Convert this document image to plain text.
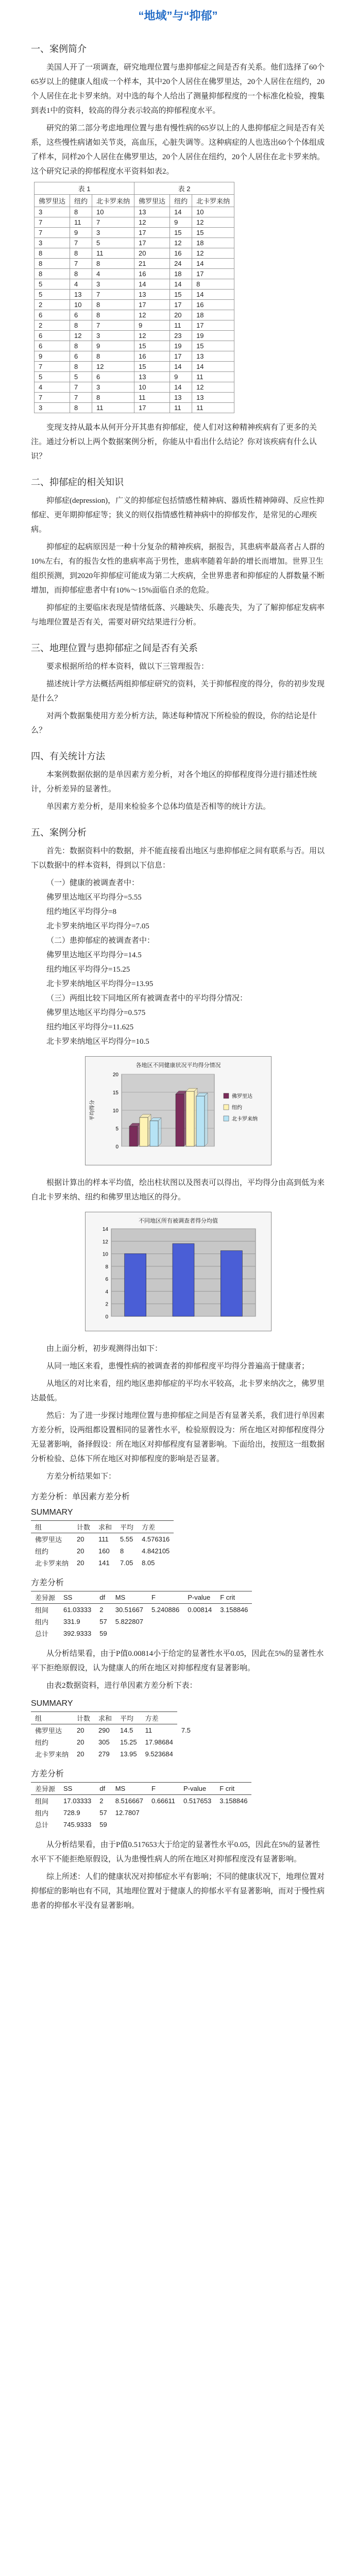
“地域”与“抑郁”
一、案例简介

美国人开了一项调查，研究地理位置与患抑郁症之间是否有关系。他们选择了60个65岁以上的健康人组成一个样本，其中20个人居住在佛罗里达，20个人居住在纽约，20个人居住在北卡罗来纳。对中选的每个人给出了测量抑郁程度的一个标准化检验，搜集到表1中的资料，较高的得分表示较高的抑郁程度水平。

研究的第二部分考虑地理位置与患有慢性病的65岁以上的人患抑郁症之间是否有关系，这些慢性病诸如关节炎，高血压，心脏失调等。这种病症的人也选出60个个体组成了样本，同样20个人居住在佛罗里达，20个人居住在纽约，20个人居住在北卡罗来纳。这个研究记录的抑郁程度水平资料如表2。

表 1			表 2		
佛罗里达	纽约	北卡罗来纳	佛罗里达	纽约	北卡罗来纳
3	8	10	13	14	10
7	11	7	12	9	12
7	9	3	17	15	15
3	7	5	17	12	18
8	8	11	20	16	12
8	7	8	21	24	14
8	8	4	16	18	17
5	4	3	14	14	8
5	13	7	13	15	14
2	10	8	17	17	16
6	6	8	12	20	18
2	8	7	9	11	17
6	12	3	12	23	19
6	8	9	15	19	15
9	6	8	16	17	13
7	8	12	15	14	14
5	5	6	13	9	11
4	7	3	10	14	12
7	7	8	11	13	13
3	8	11	17	11	11

变现支持从最本从何开分开其患有抑郁症，使人们对这种精神疾病有了更多的关注。通过分析以上两个数据案例分析，你能从中看出什么结论？你对该疾病有什么认识？

二、抑郁症的相关知识

抑郁症(depression)，广义的抑郁症包括情感性精神病、器质性精神障碍、反应性抑郁症、更年期抑郁症等；狭义的则仅指情感性精神病中的抑郁发作，是常见的心理疾病。

抑郁症的起病原因是一种十分复杂的精神疾病，据报告，其患病率最高者占人群的10%左右，有的报告女性的患病率高于男性，患病率随着年龄的增长而增加。世界卫生组织预测，到2020年抑郁症可能成为第二大疾病，全世界患者和抑郁症的人群数量不断增加，而抑郁症患者中有10%～15%面临自杀的危险。

抑郁症的主要临床表现是情绪低落、兴趣缺失、乐趣丧失，为了了解抑郁症发病率与地理位置是否有关，需要对研究结果进行分析。

三、地理位置与患抑郁症之间是否有关系

要求根据所给的样本资料，做以下三管理报告：

描述统计学方法概括两组抑郁症研究的资料，关于抑郁程度的得分，你的初步发现是什么？

对两个数据集使用方差分析方法，陈述每种情况下所检验的假设，你的结论是什么？

四、有关统计方法

本案例数据依据的是单因素方差分析，对各个地区的抑郁程度得分进行描述性统计，分析差异的显著性。

单因素方差分析，是用来检验多个总体均值是否相等的统计方法。

五、案例分析

首先：数据资料中的数据，并不能直接看出地区与患抑郁症之间有联系与否。用以下以数据中的样本资料，得到以下信息：

（一）健康的被调查者中：

佛罗里达地区平均得分=5.55

纽约地区平均得分=8

北卡罗来纳地区平均得分=7.05

（二）患抑郁症的被调查者中：

佛罗里达地区平均得分=14.5

纽约地区平均得分=15.25

北卡罗来纳地区平均得分=13.95

（三）两组比较下同地区所有被调查者中的平均得分情况：

佛罗里达地区平均得分=0.575

纽约地区平均得分=11.625

北卡罗来纳地区平均得分=10.5

各地区不同健康状况平均得分情况
平均得分
20
15
10
5
0
佛罗里达
纽约
北卡罗来纳

根据计算出的样本平均值，绘出柱状图以及图表可以得出，平均得分由高到低为来自北卡罗来纳、纽约和佛罗里达地区的得分。

不同地区所有被调查者得分均值
14
12
10
8
6
4
2
0

由上面分析，初步观测得出如下：

从同一地区来看，患慢性病的被调查者的抑郁程度平均得分普遍高于健康者；

从地区的对比来看，纽约地区患抑郁症的平均水平较高，北卡罗来纳次之，佛罗里达最低。

然后：为了进一步探讨地理位置与患抑郁症之间是否有显著关系，我们进行单因素方差分析，设两组都设置相同的显著性水平，检验原假设为：所在地区对抑郁程度得分无显著影响，备择假设：所在地区对抑郁程度有显著影响。下面给出，按照这一组数据分析检验、总体下所在地区对抑郁程度的影响是否显著。

方差分析结果如下：

方差分析：单因素方差分析
SUMMARY
组	计数	求和	平均	方差
佛罗里达	20	111	5.55	4.576316
纽约	20	160	8	4.842105
北卡罗来纳	20	141	7.05	8.05
方差分析
差异源	SS	df	MS	F	P-value	F crit
组间	61.03333	2	30.51667	5.240886	0.00814	3.158846
组内	331.9	57	5.822807			
总计	392.9333	59				

从分析结果看，由于P值0.00814小于给定的显著性水平0.05，因此在5%的显著性水平下拒绝原假设，认为健康人的所在地区对抑郁程度有显著影响。

由表2数据资料，进行单因素方差分析下表：

SUMMARY
组	计数	求和	平均	方差	
佛罗里达	20	290	14.5	11	7.5
纽约	20	305	15.25	17.98684	
北卡罗来纳	20	279	13.95	9.523684	
方差分析
差异源	SS	df	MS	F	P-value	F crit
组间	17.03333	2	8.516667	0.66611	0.517653	3.158846
组内	728.9	57	12.7807			
总计	745.9333	59				

从分析结果看，由于P值0.517653大于给定的显著性水平0.05，因此在5%的显著性水平下不能拒绝原假设，认为患慢性病人的所在地区对抑郁程度没有显著影响。

综上所述：人们的健康状况对抑郁症水平有影响；不同的健康状况下，地理位置对抑郁症的影响也有不同，其地理位置对于健康人的抑郁水平有显著影响，而对于慢性病患者的抑郁水平没有显著影响。
